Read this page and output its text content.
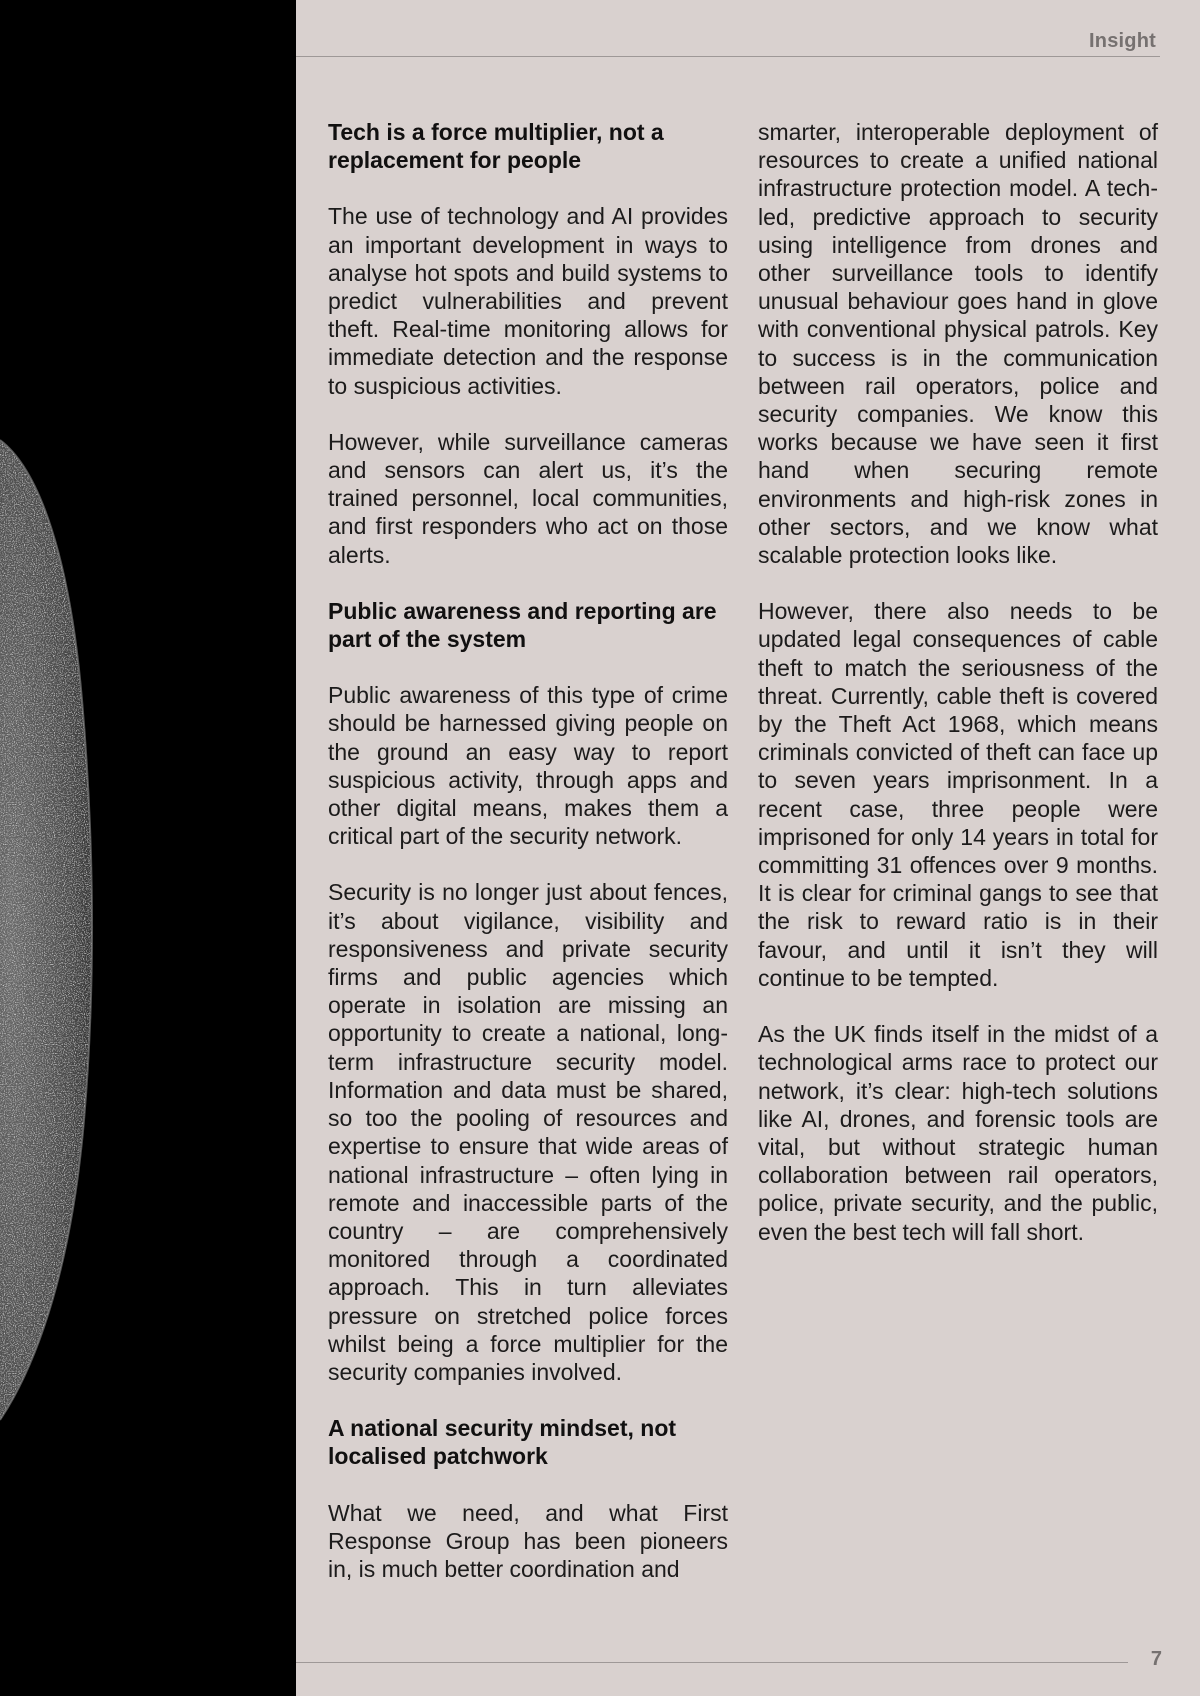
Insight
Tech is a force multiplier, not a replacement for people

The use of technology and AI provides an important development in ways to analyse hot spots and build systems to predict vulnerabilities and prevent theft. Real-time monitoring allows for immediate detection and the response to suspicious activities.

However, while surveillance cameras and sensors can alert us, it’s the trained personnel, local communities, and first responders who act on those alerts.

Public awareness and reporting are part of the system

Public awareness of this type of crime should be harnessed giving people on the ground an easy way to report suspicious activity, through apps and other digital means, makes them a critical part of the security network.

Security is no longer just about fences, it’s about vigilance, visibility and responsiveness and private security firms and public agencies which operate in isolation are missing an opportunity to create a national, long-term infrastructure security model. Information and data must be shared, so too the pooling of resources and expertise to ensure that wide areas of national infrastructure – often lying in remote and inaccessible parts of the country – are comprehensively monitored through a coordinated approach. This in turn alleviates pressure on stretched police forces whilst being a force multiplier for the security companies involved.

A national security mindset, not localised patchwork

What we need, and what First Response Group has been pioneers in, is much better coordination and

smarter, interoperable deployment of resources to create a unified national infrastructure protection model. A tech-led, predictive approach to security using intelligence from drones and other surveillance tools to identify unusual behaviour goes hand in glove with conventional physical patrols. Key to success is in the communication between rail operators, police and security companies. We know this works because we have seen it first hand when securing remote environments and high-risk zones in other sectors, and we know what scalable protection looks like.

However, there also needs to be updated legal consequences of cable theft to match the seriousness of the threat. Currently, cable theft is covered by the Theft Act 1968, which means criminals convicted of theft can face up to seven years imprisonment. In a recent case, three people were imprisoned for only 14 years in total for committing 31 offences over 9 months. It is clear for criminal gangs to see that the risk to reward ratio is in their favour, and until it isn’t they will continue to be tempted.

As the UK finds itself in the midst of a technological arms race to protect our network, it’s clear: high-tech solutions like AI, drones, and forensic tools are vital, but without strategic human collaboration between rail operators, police, private security, and the public, even the best tech will fall short.

7
